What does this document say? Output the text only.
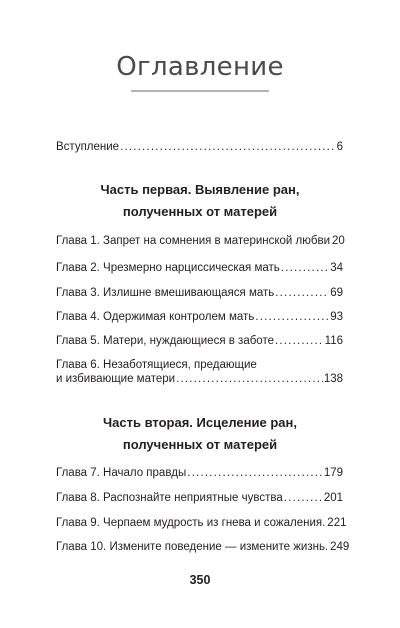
Оглавление
Вступление .....	6
Часть первая. Выявление ран,
полученных от матерей
Глава 1. Запрет на сомнения в материнской любви 20
Глава 2. Чрезмерно нарциссическая мать .....	34
Глава 3. Излишне вмешивающаяся мать .....	69
Глава 4. Одержимая контролем мать .....	93
Глава 5. Матери, нуждающиеся в заботе .....	116
Глава 6. Незаботящиеся, предающие
и избивающие матери .....	138
Часть вторая. Исцеление ран,
полученных от матерей
Глава 7. Начало правды .....	179
Глава 8. Распознайте неприятные чувства .....	201
Глава 9. Черпаем мудрость из гнева и сожаления. 221
Глава 10. Измените поведение — измените жизнь. 249
350
